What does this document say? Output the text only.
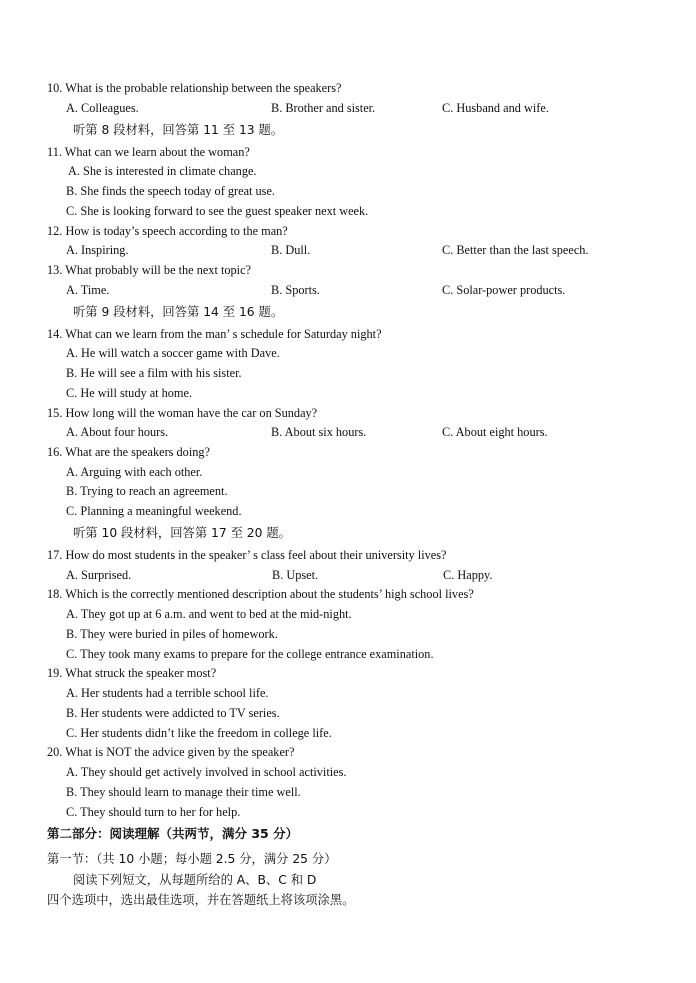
10. What is the probable relationship between the speakers?
A. Colleagues.	B. Brother and sister.	C. Husband and wife.
听第 8 段材料，回答第 11 至 13 题。
11. What can we learn about the woman?
A. She is interested in climate change.
B. She finds the speech today of great use.
C. She is looking forward to see the guest speaker next week.
12. How is today’s speech according to the man?
A. Inspiring.	B. Dull.	C. Better than the last speech.
13. What probably will be the next topic?
A. Time.	B. Sports.	C. Solar-power products.
听第 9 段材料，回答第 14 至 16 题。
14. What can we learn from the man’ s schedule for Saturday night?
A. He will watch a soccer game with Dave.
B. He will see a film with his sister.
C. He will study at home.
15. How long will the woman have the car on Sunday?
A. About four hours.	B. About six hours.	C. About eight hours.
16. What are the speakers doing?
A. Arguing with each other.
B. Trying to reach an agreement.
C. Planning a meaningful weekend.
听第 10 段材料，回答第 17 至 20 题。
17. How do most students in the speaker’ s class feel about their university lives?
A. Surprised.	B. Upset.	C. Happy.
18. Which is the correctly mentioned description about the students’ high school lives?
A. They got up at 6 a.m. and went to bed at the mid-night.
B. They were buried in piles of homework.
C. They took many exams to prepare for the college entrance examination.
19. What struck the speaker most?
A. Her students had a terrible school life.
B. Her students were addicted to TV series.
C. Her students didn’t like the freedom in college life.
20. What is NOT the advice given by the speaker?
A. They should get actively involved in school activities.
B. They should learn to manage their time well.
C. They should turn to her for help.
第二部分：阅读理解（共两节，满分 35 分）
第一节：（共 10 小题；每小题 2.5 分，满分 25 分）
阅读下列短文，从每题所给的 A、B、C 和 D
四个选项中，选出最佳选项，并在答题纸上将该项涂黑。
